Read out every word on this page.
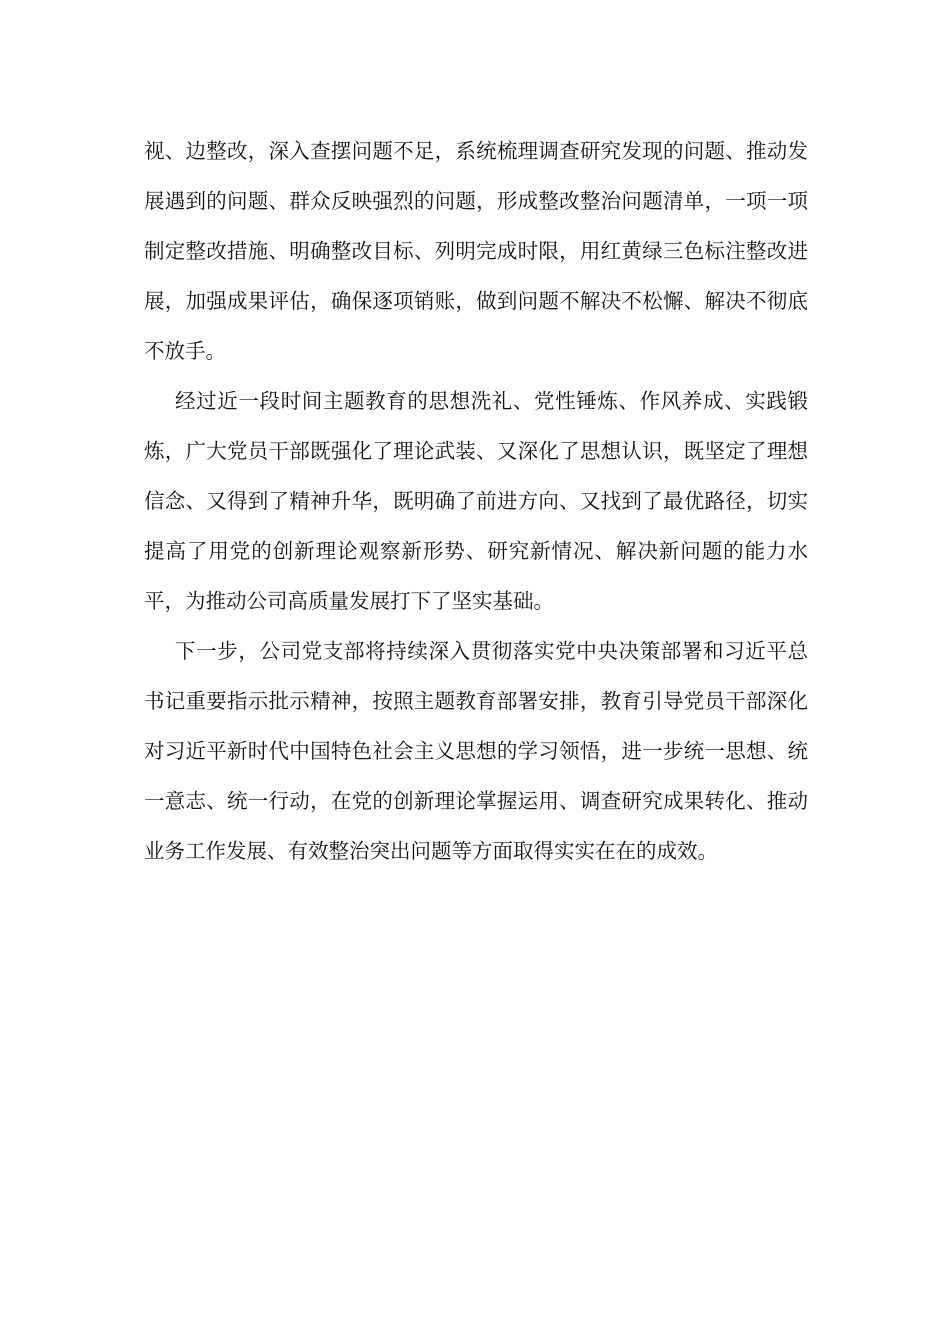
视、边整改，深入查摆问题不足，系统梳理调查研究发现的问题、推动发展遇到的问题、群众反映强烈的问题，形成整改整治问题清单，一项一项制定整改措施、明确整改目标、列明完成时限，用红黄绿三色标注整改进展，加强成果评估，确保逐项销账，做到问题不解决不松懈、解决不彻底不放手。

经过近一段时间主题教育的思想洗礼、党性锤炼、作风养成、实践锻炼，广大党员干部既强化了理论武装、又深化了思想认识，既坚定了理想信念、又得到了精神升华，既明确了前进方向、又找到了最优路径，切实提高了用党的创新理论观察新形势、研究新情况、解决新问题的能力水平，为推动公司高质量发展打下了坚实基础。

下一步，公司党支部将持续深入贯彻落实党中央决策部署和习近平总书记重要指示批示精神，按照主题教育部署安排，教育引导党员干部深化对习近平新时代中国特色社会主义思想的学习领悟，进一步统一思想、统一意志、统一行动，在党的创新理论掌握运用、调查研究成果转化、推动业务工作发展、有效整治突出问题等方面取得实实在在的成效。
